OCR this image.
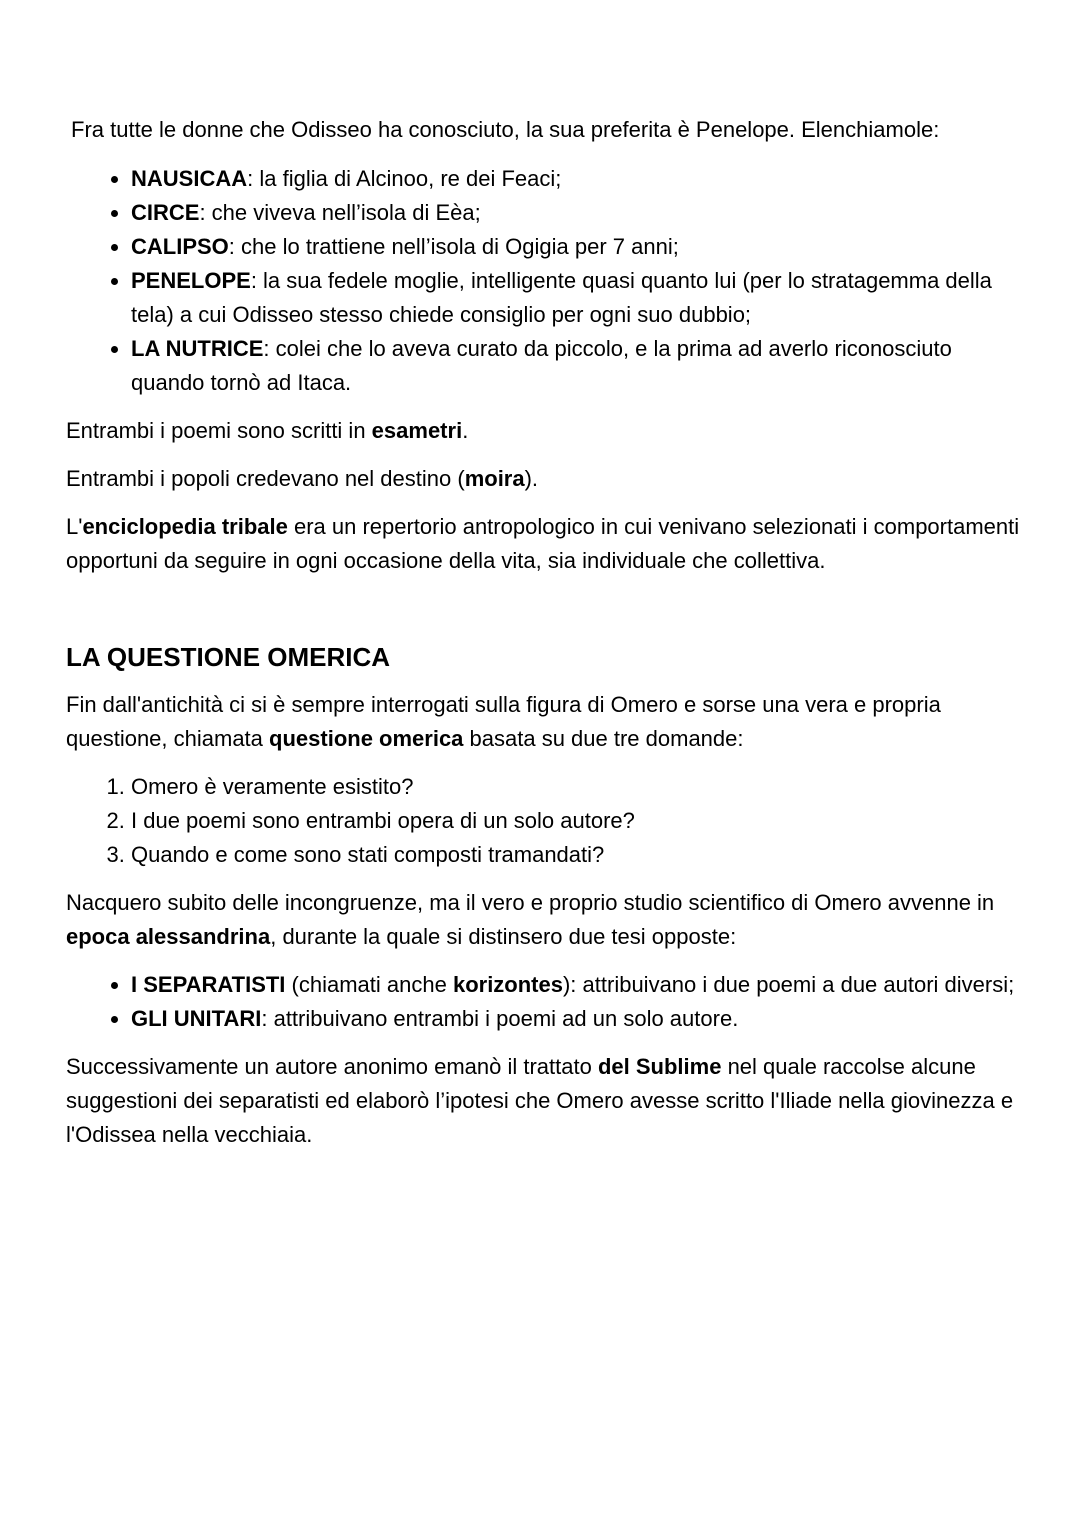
Fra tutte le donne che Odisseo ha conosciuto, la sua preferita è Penelope. Elenchiamole:

• NAUSICAA: la figlia di Alcinoo, re dei Feaci;
• CIRCE: che viveva nell’isola di Eèa;
• CALIPSO: che lo trattiene nell’isola di Ogigia per 7 anni;
• PENELOPE: la sua fedele moglie, intelligente quasi quanto lui (per lo stratagemma della tela) a cui Odisseo stesso chiede consiglio per ogni suo dubbio;
• LA NUTRICE: colei che lo aveva curato da piccolo, e la prima ad averlo riconosciuto quando tornò ad Itaca.

Entrambi i poemi sono scritti in esametri.

Entrambi i popoli credevano nel destino (moira).

L'enciclopedia tribale era un repertorio antropologico in cui venivano selezionati i comportamenti opportuni da seguire in ogni occasione della vita, sia individuale che collettiva.

LA QUESTIONE OMERICA

Fin dall'antichità ci si è sempre interrogati sulla figura di Omero e sorse una vera e propria questione, chiamata questione omerica basata su due tre domande:

1. Omero è veramente esistito?
2. I due poemi sono entrambi opera di un solo autore?
3. Quando e come sono stati composti tramandati?

Nacquero subito delle incongruenze, ma il vero e proprio studio scientifico di Omero avvenne in epoca alessandrina, durante la quale si distinsero due tesi opposte:

• I SEPARATISTI (chiamati anche korizontes): attribuivano i due poemi a due autori diversi;
• GLI UNITARI: attribuivano entrambi i poemi ad un solo autore.

Successivamente un autore anonimo emanò il trattato del Sublime nel quale raccolse alcune suggestioni dei separatisti ed elaborò l’ipotesi che Omero avesse scritto l'Iliade nella giovinezza e l'Odissea nella vecchiaia.
